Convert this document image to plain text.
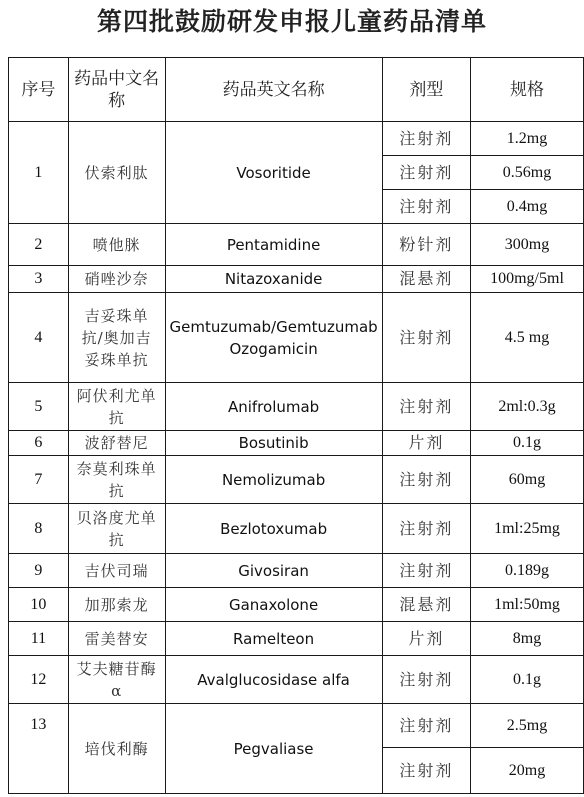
第四批鼓励研发申报儿童药品清单
序号	药品中文名称	药品英文名称	剂型	规格
1	伏索利肽	Vosoritide	注射剂	1.2mg
			注射剂	0.56mg
			注射剂	0.4mg
2	喷他脒	Pentamidine	粉针剂	300mg
3	硝唑沙奈	Nitazoxanide	混悬剂	100mg/5ml
4	吉妥珠单抗/奥加吉妥珠单抗	Gemtuzumab/Gemtuzumab Ozogamicin	注射剂	4.5 mg
5	阿伏利尤单抗	Anifrolumab	注射剂	2ml:0.3g
6	波舒替尼	Bosutinib	片剂	0.1g
7	奈莫利珠单抗	Nemolizumab	注射剂	60mg
8	贝洛度尤单抗	Bezlotoxumab	注射剂	1ml:25mg
9	吉伏司瑞	Givosiran	注射剂	0.189g
10	加那索龙	Ganaxolone	混悬剂	1ml:50mg
11	雷美替安	Ramelteon	片剂	8mg
12	艾夫糖苷酶α	Avalglucosidase alfa	注射剂	0.1g
13	培伐利酶	Pegvaliase	注射剂	2.5mg
			注射剂	20mg
